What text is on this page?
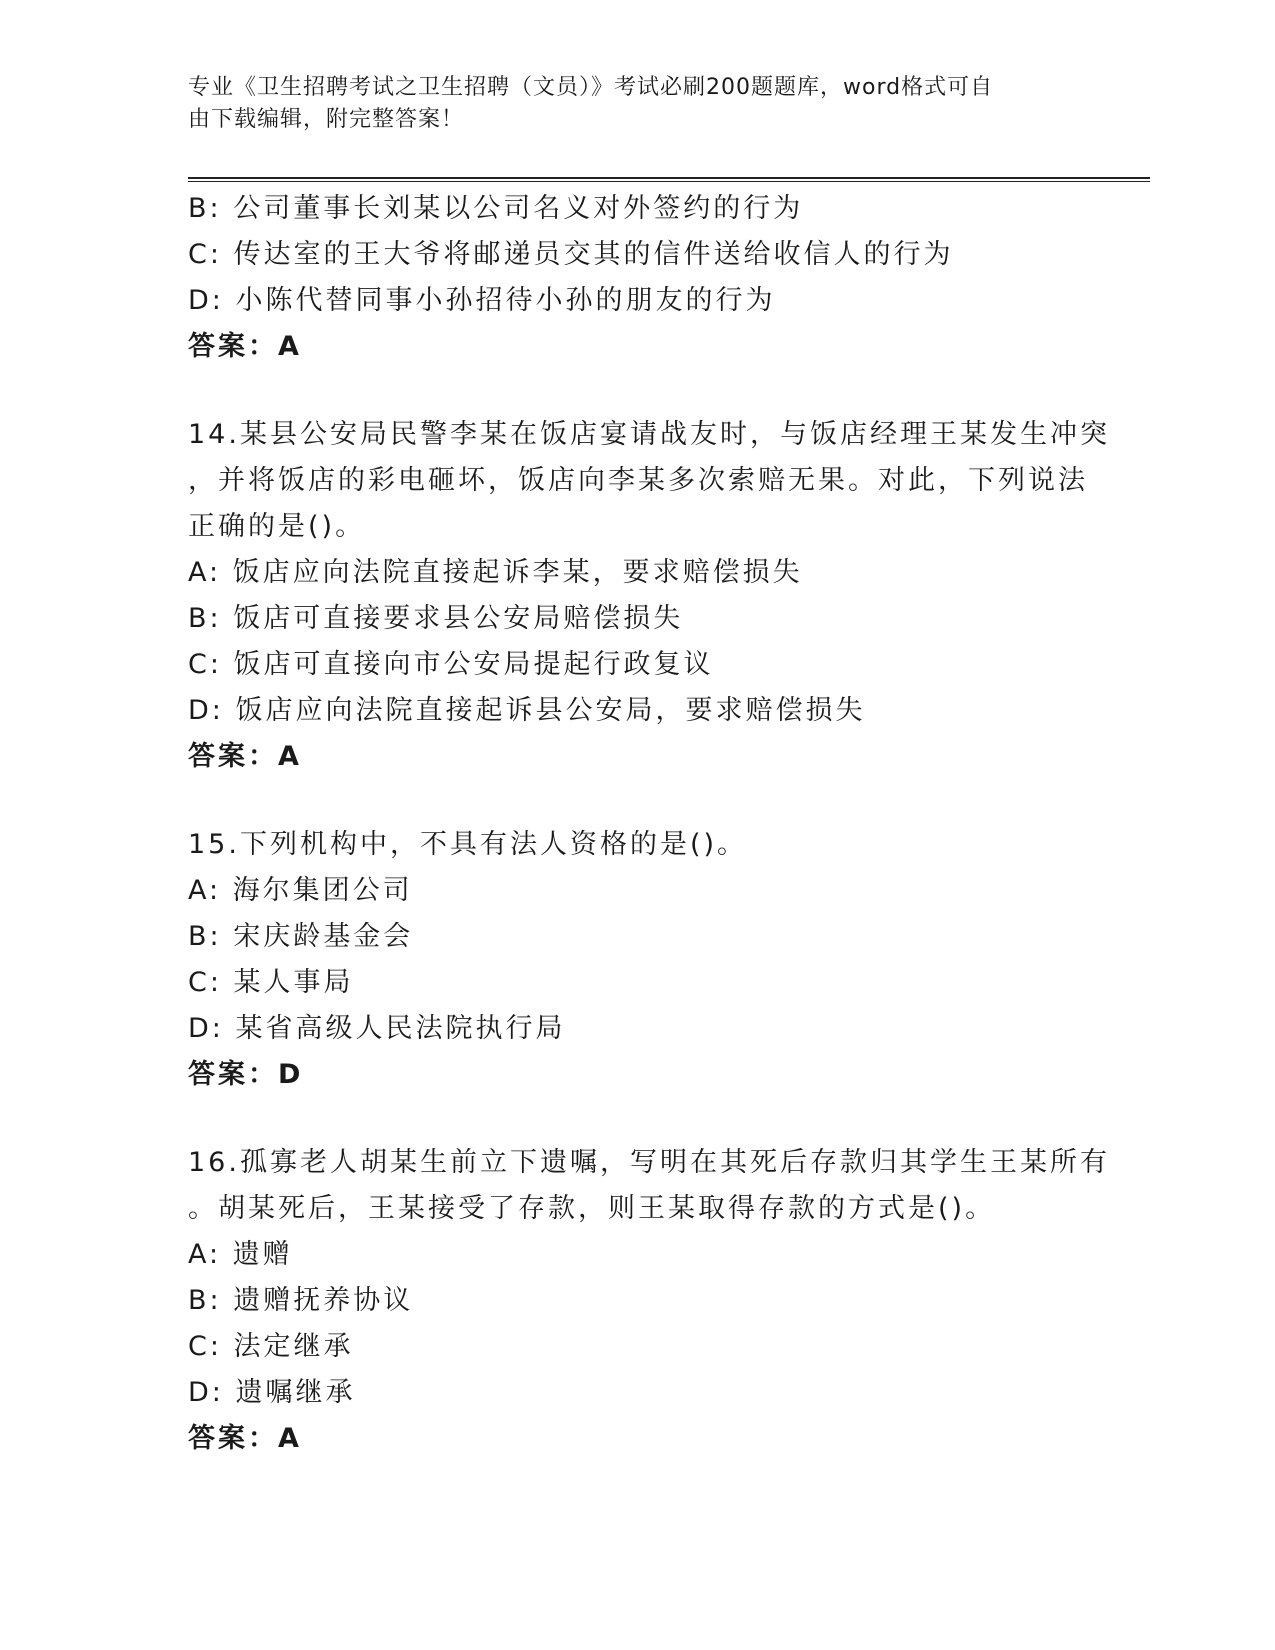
专业《卫生招聘考试之卫生招聘（文员）》考试必刷200题题库，word格式可自
由下载编辑，附完整答案！
B: 公司董事长刘某以公司名义对外签约的行为
C: 传达室的王大爷将邮递员交其的信件送给收信人的行为
D: 小陈代替同事小孙招待小孙的朋友的行为
答案：A
14.某县公安局民警李某在饭店宴请战友时，与饭店经理王某发生冲突
，并将饭店的彩电砸坏，饭店向李某多次索赔无果。对此，下列说法
正确的是()。
A: 饭店应向法院直接起诉李某，要求赔偿损失
B: 饭店可直接要求县公安局赔偿损失
C: 饭店可直接向市公安局提起行政复议
D: 饭店应向法院直接起诉县公安局，要求赔偿损失
答案：A
15.下列机构中，不具有法人资格的是()。
A: 海尔集团公司
B: 宋庆龄基金会
C: 某人事局
D: 某省高级人民法院执行局
答案：D
16.孤寡老人胡某生前立下遗嘱，写明在其死后存款归其学生王某所有
。胡某死后，王某接受了存款，则王某取得存款的方式是()。
A: 遗赠
B: 遗赠抚养协议
C: 法定继承
D: 遗嘱继承
答案：A
